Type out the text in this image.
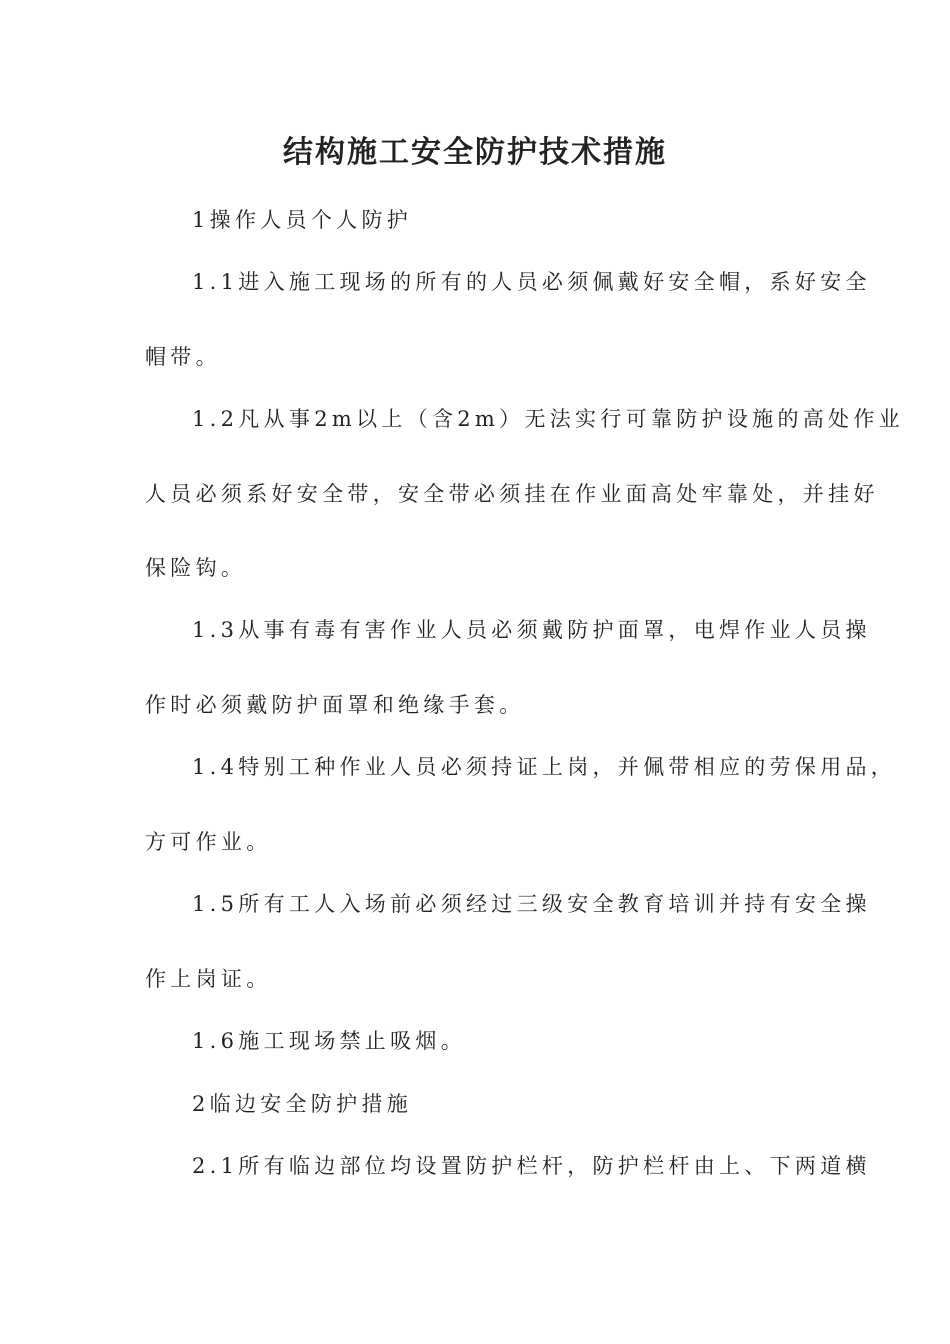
结构施工安全防护技术措施
1操作人员个人防护
1.1进入施工现场的所有的人员必须佩戴好安全帽，系好安全
帽带。
1.2凡从事2m以上（含2m）无法实行可靠防护设施的高处作业
人员必须系好安全带，安全带必须挂在作业面高处牢靠处，并挂好
保险钩。
1.3从事有毒有害作业人员必须戴防护面罩，电焊作业人员操
作时必须戴防护面罩和绝缘手套。
1.4特别工种作业人员必须持证上岗，并佩带相应的劳保用品，
方可作业。
1.5所有工人入场前必须经过三级安全教育培训并持有安全操
作上岗证。
1.6施工现场禁止吸烟。
2临边安全防护措施
2.1所有临边部位均设置防护栏杆，防护栏杆由上、下两道横
